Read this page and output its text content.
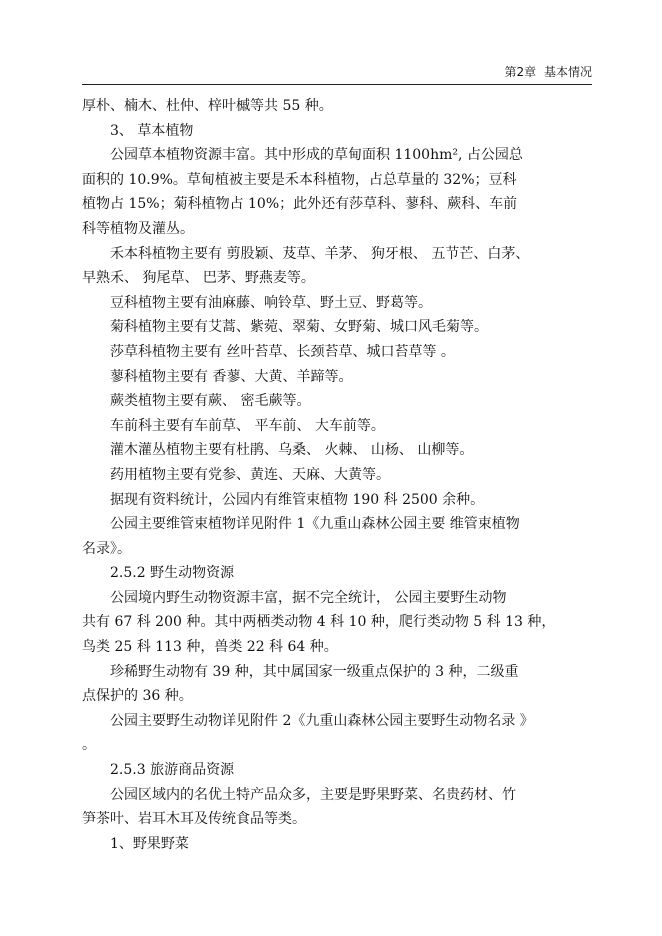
第2章 基本情况

厚朴、楠木、杜仲、梓叶槭等共 55 种。

3、 草本植物

公园草本植物资源丰富。其中形成的草甸面积 1100hm², 占公园总

面积的 10.9%。草甸植被主要是禾本科植物，占总草量的 32%；豆科

植物占 15%；菊科植物占 10%；此外还有莎草科、蓼科、蕨科、车前

科等植物及灌丛。

禾本科植物主要有 剪股颖、芨草、羊茅、 狗牙根、 五节芒、白茅、

早熟禾、 狗尾草、 巴茅、野燕麦等。

豆科植物主要有油麻藤、响铃草、野土豆、野葛等。

菊科植物主要有艾蒿、紫菀、翠菊、女野菊、城口风毛菊等。

莎草科植物主要有 丝叶苔草、长颈苔草、城口苔草等 。

蓼科植物主要有 香蓼、大黄、羊蹄等。

蕨类植物主要有蕨、 密毛蕨等。

车前科主要有车前草、 平车前、 大车前等。

灌木灌丛植物主要有杜鹃、乌桑、 火棘、 山杨、 山柳等。

药用植物主要有党参、黄连、天麻、大黄等。

据现有资料统计，公园内有维管束植物 190 科 2500 余种。

公园主要维管束植物详见附件 1《九重山森林公园主要 维管束植物

名录》。

2.5.2 野生动物资源

公园境内野生动物资源丰富，据不完全统计， 公园主要野生动物

共有 67 科 200 种。其中两栖类动物 4 科 10 种，爬行类动物 5 科 13 种，

鸟类 25 科 113 种，兽类 22 科 64 种。

珍稀野生动物有 39 种，其中属国家一级重点保护的 3 种，二级重

点保护的 36 种。

公园主要野生动物详见附件 2《九重山森林公园主要野生动物名录 》

。

2.5.3 旅游商品资源

公园区域内的名优土特产品众多，主要是野果野菜、名贵药材、竹

笋茶叶、岩耳木耳及传统食品等类。

1、野果野菜
